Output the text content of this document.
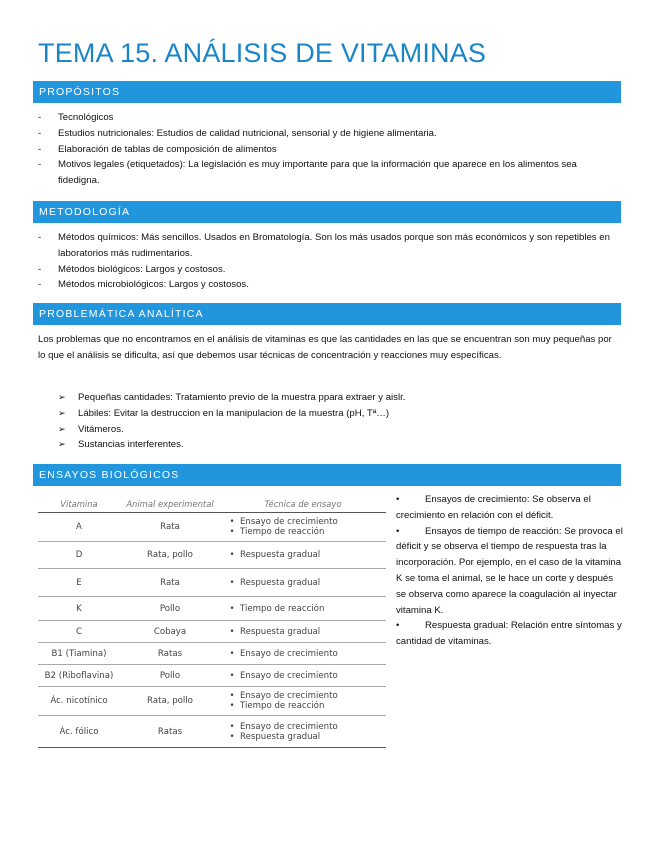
TEMA 15. ANÁLISIS DE VITAMINAS
PROPÓSITOS
- Tecnológicos
- Estudios nutricionales: Estudios de calidad nutricional, sensorial y de higiene alimentaria.
- Elaboración de tablas de composición de alimentos
- Motivos legales (etiquetados): La legislación es muy importante para que la información que aparece en los alimentos sea fidedigna.
METODOLOGÍA
- Métodos químicos: Más sencillos. Usados en Bromatología. Son los más usados porque son más económicos y son repetibles en laboratorios más rudimentarios.
- Métodos biológicos: Largos y costosos.
- Métodos microbiológicos: Largos y costosos.
PROBLEMÁTICA ANALÍTICA
Los problemas que no encontramos en el análisis de vitaminas es que las cantidades en las que se encuentran son muy pequeñas por lo que el análisis se dificulta, así que debemos usar técnicas de concentración y reacciones muy específicas.
➢ Pequeñas cantidades: Tratamiento previo de la muestra ppara extraer y aislr.
➢ Lábiles: Evitar la destruccion en la manipulacion de la muestra (pH, Tª…)
➢ Vitámeros.
➢ Sustancias interferentes.
ENSAYOS BIOLÓGICOS
Vitamina	Animal experimental	Técnica de ensayo
A	Rata	• Ensayo de crecimiento
• Tiempo de reacción

D	Rata, pollo	• Respuesta gradual

E	Rata	• Respuesta gradual

K	Pollo	• Tiempo de reacción

C	Cobaya	• Respuesta gradual

B1 (Tiamina)	Ratas	• Ensayo de crecimiento

B2 (Riboflavina)	Pollo	• Ensayo de crecimiento

Ác. nicotínico	Rata, pollo	• Ensayo de crecimiento
• Tiempo de reacción

Ác. fólico	Ratas	• Ensayo de crecimiento
• Respuesta gradual
•	Ensayos de crecimiento: Se observa el crecimiento en relación con el déficit.
•	Ensayos de tiempo de reacción: Se provoca el déficit y se observa el tiempo de respuesta tras la incorporación. Por ejemplo, en el caso de la vitamina K se toma el animal, se le hace un corte y después se observa como aparece la coagulación al inyectar vitamina K.
•	Respuesta gradual: Relación entre síntomas y cantidad de vitaminas.
